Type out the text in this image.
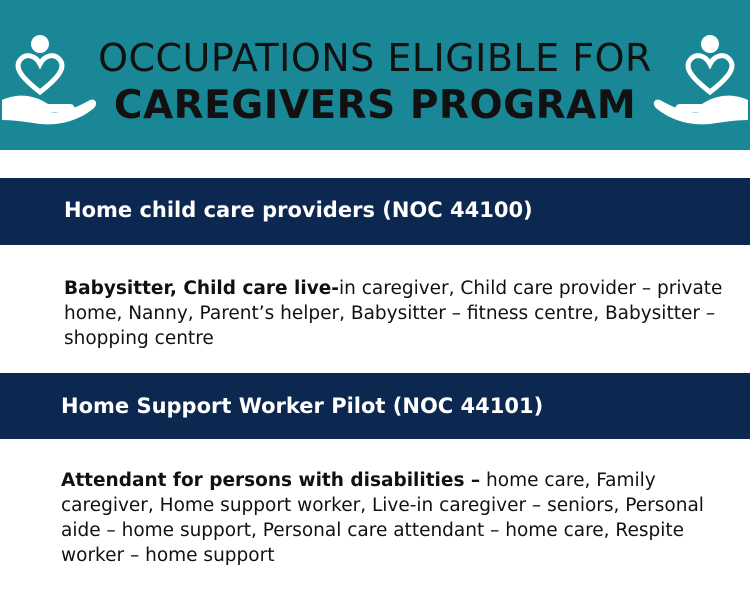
OCCUPATIONS ELIGIBLE FOR
CAREGIVERS PROGRAM
Home child care providers (NOC 44100)
Babysitter, Child care live-in caregiver, Child care provider – private home, Nanny, Parent’s helper, Babysitter – fitness centre, Babysitter – shopping centre
Home Support Worker Pilot (NOC 44101)
Attendant for persons with disabilities – home care, Family caregiver, Home support worker, Live-in caregiver – seniors, Personal aide – home support, Personal care attendant – home care, Respite worker – home support
